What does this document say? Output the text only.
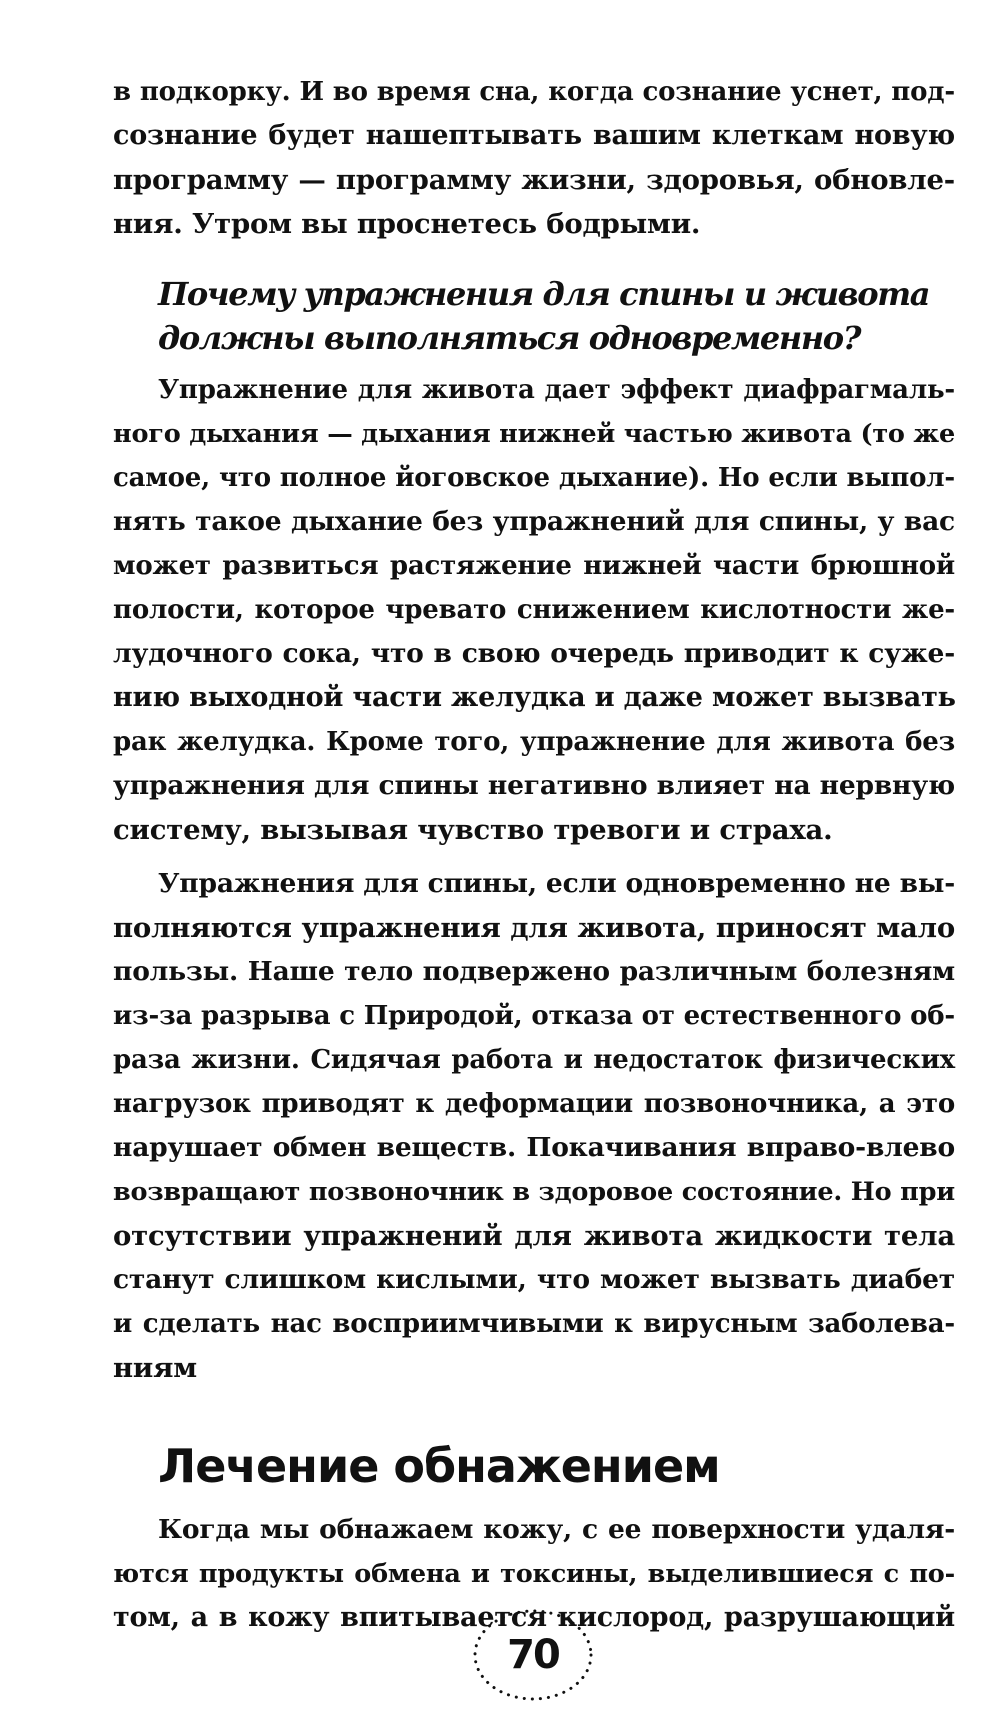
в подкорку. И во время сна, когда сознание уснет, под-
сознание будет нашептывать вашим клеткам новую
программу — программу жизни, здоровья, обновле-
ния. Утром вы проснетесь бодрыми.
Почему упражнения для спины и живота
должны выполняться одновременно?
Упражнение для живота дает эффект диафрагмаль-
ного дыхания — дыхания нижней частью живота (то же
самое, что полное йоговское дыхание). Но если выпол-
нять такое дыхание без упражнений для спины, у вас
может развиться растяжение нижней части брюшной
полости, которое чревато снижением кислотности же-
лудочного сока, что в свою очередь приводит к суже-
нию выходной части желудка и даже может вызвать
рак желудка. Кроме того, упражнение для живота без
упражнения для спины негативно влияет на нервную
систему, вызывая чувство тревоги и страха.
Упражнения для спины, если одновременно не вы-
полняются упражнения для живота, приносят мало
пользы. Наше тело подвержено различным болезням
из-за разрыва с Природой, отказа от естественного об-
раза жизни. Сидячая работа и недостаток физических
нагрузок приводят к деформации позвоночника, а это
нарушает обмен веществ. Покачивания вправо-влево
возвращают позвоночник в здоровое состояние. Но при
отсутствии упражнений для живота жидкости тела
станут слишком кислыми, что может вызвать диабет
и сделать нас восприимчивыми к вирусным заболева-
ниям
Лечение обнажением
Когда мы обнажаем кожу, с ее поверхности удаля-
ются продукты обмена и токсины, выделившиеся с по-
том, а в кожу впитывается кислород, разрушающий
70
